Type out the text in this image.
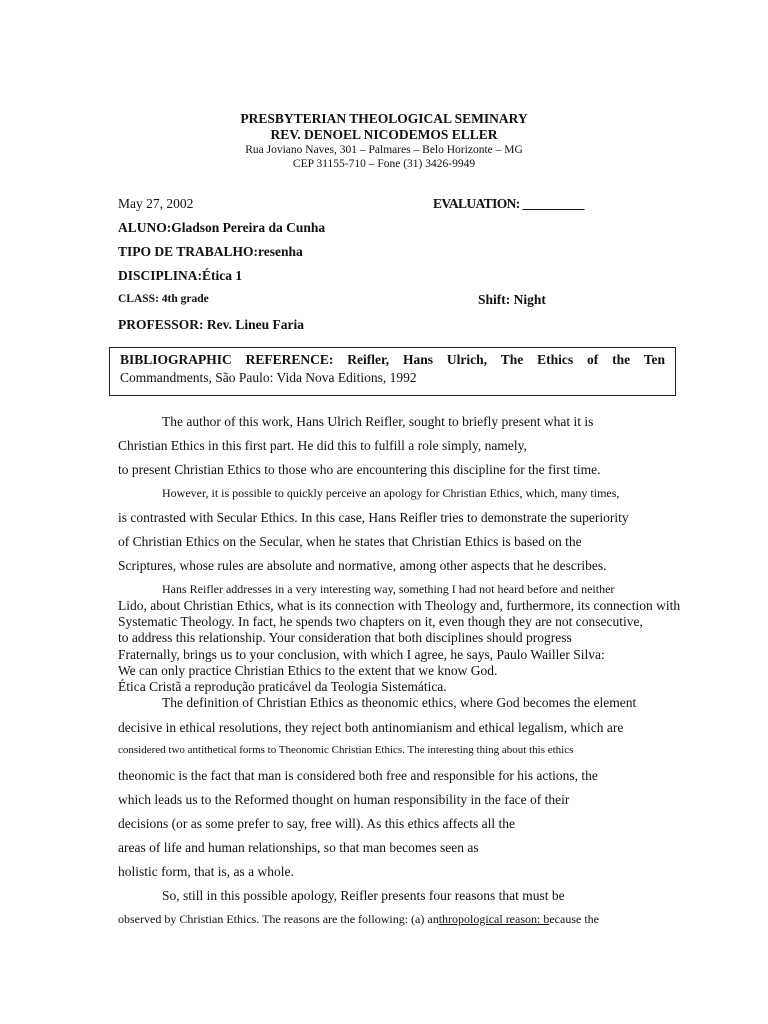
PRESBYTERIAN THEOLOGICAL SEMINARY
REV. DENOEL NICODEMOS ELLER
Rua Joviano Naves, 301 – Palmares – Belo Horizonte – MG
CEP 31155-710 – Fone (31) 3426-9949
May 27, 2002	EVALUATION: __________
ALUNO:Gladson Pereira da Cunha
TIPO DE TRABALHO:resenha
DISCIPLINA:Ética 1
CLASS: 4th grade	Shift: Night
PROFESSOR: Rev. Lineu Faria
BIBLIOGRAPHIC REFERENCE: Reifler, Hans Ulrich, The Ethics of the Ten
Commandments, São Paulo: Vida Nova Editions, 1992
The author of this work, Hans Ulrich Reifler, sought to briefly present what it is
Christian Ethics in this first part. He did this to fulfill a role simply, namely,
to present Christian Ethics to those who are encountering this discipline for the first time.
However, it is possible to quickly perceive an apology for Christian Ethics, which, many times,
is contrasted with Secular Ethics. In this case, Hans Reifler tries to demonstrate the superiority
of Christian Ethics on the Secular, when he states that Christian Ethics is based on the
Scriptures, whose rules are absolute and normative, among other aspects that he describes.
Hans Reifler addresses in a very interesting way, something I had not heard before and neither
Lido, about Christian Ethics, what is its connection with Theology and, furthermore, its connection with
Systematic Theology. In fact, he spends two chapters on it, even though they are not consecutive,
to address this relationship. Your consideration that both disciplines should progress
Fraternally, brings us to your conclusion, with which I agree, he says, Paulo Wailler Silva:
We can only practice Christian Ethics to the extent that we know God.
Ética Cristã a reprodução praticável da Teologia Sistemática.
The definition of Christian Ethics as theonomic ethics, where God becomes the element
decisive in ethical resolutions, they reject both antinomianism and ethical legalism, which are
considered two antithetical forms to Theonomic Christian Ethics. The interesting thing about this ethics
theonomic is the fact that man is considered both free and responsible for his actions, the
which leads us to the Reformed thought on human responsibility in the face of their
decisions (or as some prefer to say, free will). As this ethics affects all the
areas of life and human relationships, so that man becomes seen as
holistic form, that is, as a whole.
So, still in this possible apology, Reifler presents four reasons that must be
observed by Christian Ethics. The reasons are the following: (a) anthropological reason: because the
